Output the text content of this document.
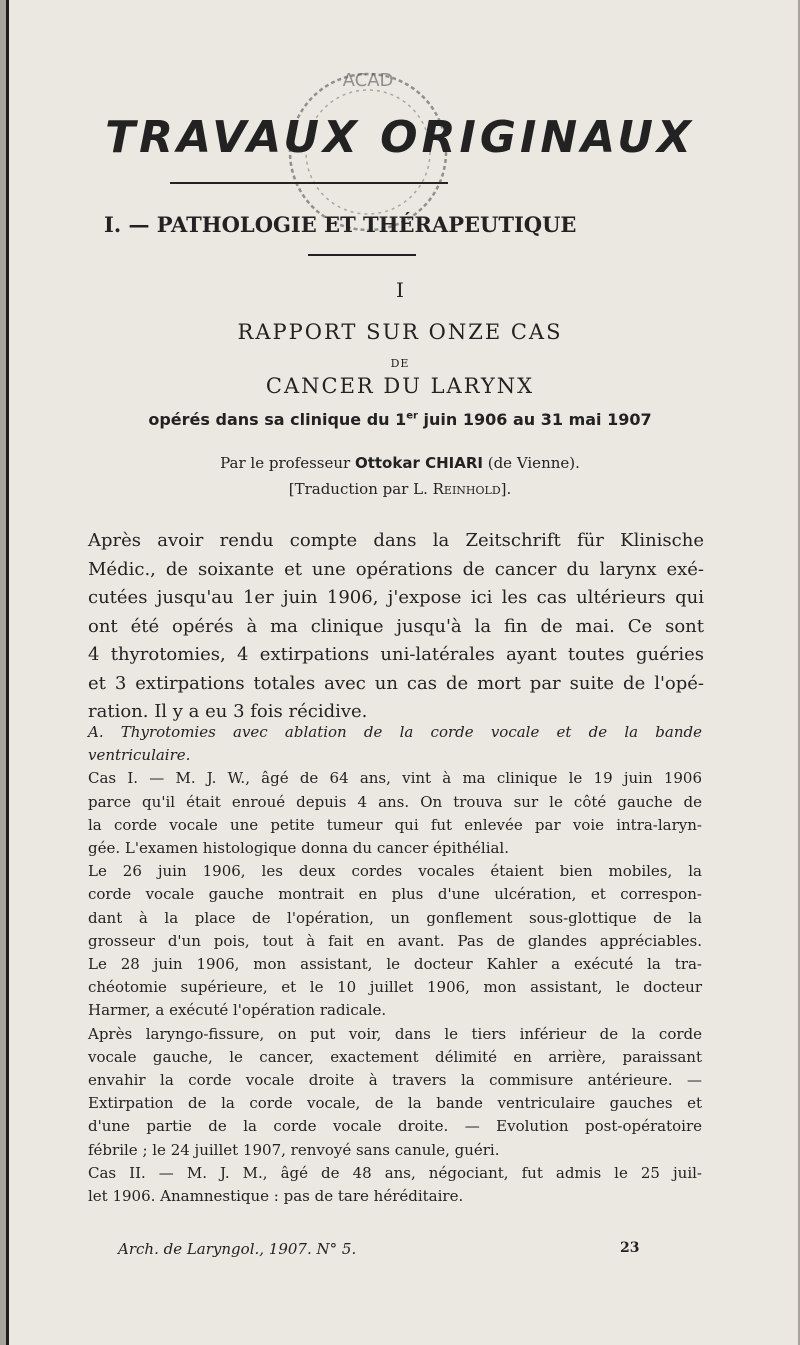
ACAD
TRAVAUX ORIGINAUX
I. — PATHOLOGIE ET THÉRAPEUTIQUE
I
RAPPORT SUR ONZE CAS
DE
CANCER DU LARYNX
opérés dans sa clinique du 1er juin 1906 au 31 mai 1907
Par le professeur Ottokar CHIARI (de Vienne).
[Traduction par L. Reinhold].
Après avoir rendu compte dans la Zeitschrift für Klinische
Médic., de soixante et une opérations de cancer du larynx exé-
cutées jusqu'au 1er juin 1906, j'expose ici les cas ultérieurs qui
ont été opérés à ma clinique jusqu'à la fin de mai. Ce sont
4 thyrotomies, 4 extirpations uni-latérales ayant toutes guéries
et 3 extirpations totales avec un cas de mort par suite de l'opé-
ration. Il y a eu 3 fois récidive.
A. Thyrotomies avec ablation de la corde vocale et de la bande
ventriculaire.
Cas I. — M. J. W., âgé de 64 ans, vint à ma clinique le 19 juin 1906
parce qu'il était enroué depuis 4 ans. On trouva sur le côté gauche de
la corde vocale une petite tumeur qui fut enlevée par voie intra-laryn-
gée. L'examen histologique donna du cancer épithélial.
Le 26 juin 1906, les deux cordes vocales étaient bien mobiles, la
corde vocale gauche montrait en plus d'une ulcération, et correspon-
dant à la place de l'opération, un gonflement sous-glottique de la
grosseur d'un pois, tout à fait en avant. Pas de glandes appréciables.
Le 28 juin 1906, mon assistant, le docteur Kahler a exécuté la tra-
chéotomie supérieure, et le 10 juillet 1906, mon assistant, le docteur
Harmer, a exécuté l'opération radicale.
Après laryngo-fissure, on put voir, dans le tiers inférieur de la corde
vocale gauche, le cancer, exactement délimité en arrière, paraissant
envahir la corde vocale droite à travers la commisure antérieure. —
Extirpation de la corde vocale, de la bande ventriculaire gauches et
d'une partie de la corde vocale droite. — Evolution post-opératoire
fébrile ; le 24 juillet 1907, renvoyé sans canule, guéri.
Cas II. — M. J. M., âgé de 48 ans, négociant, fut admis le 25 juil-
let 1906. Anamnestique : pas de tare héréditaire.
Arch. de Laryngol., 1907. N° 5.	23
